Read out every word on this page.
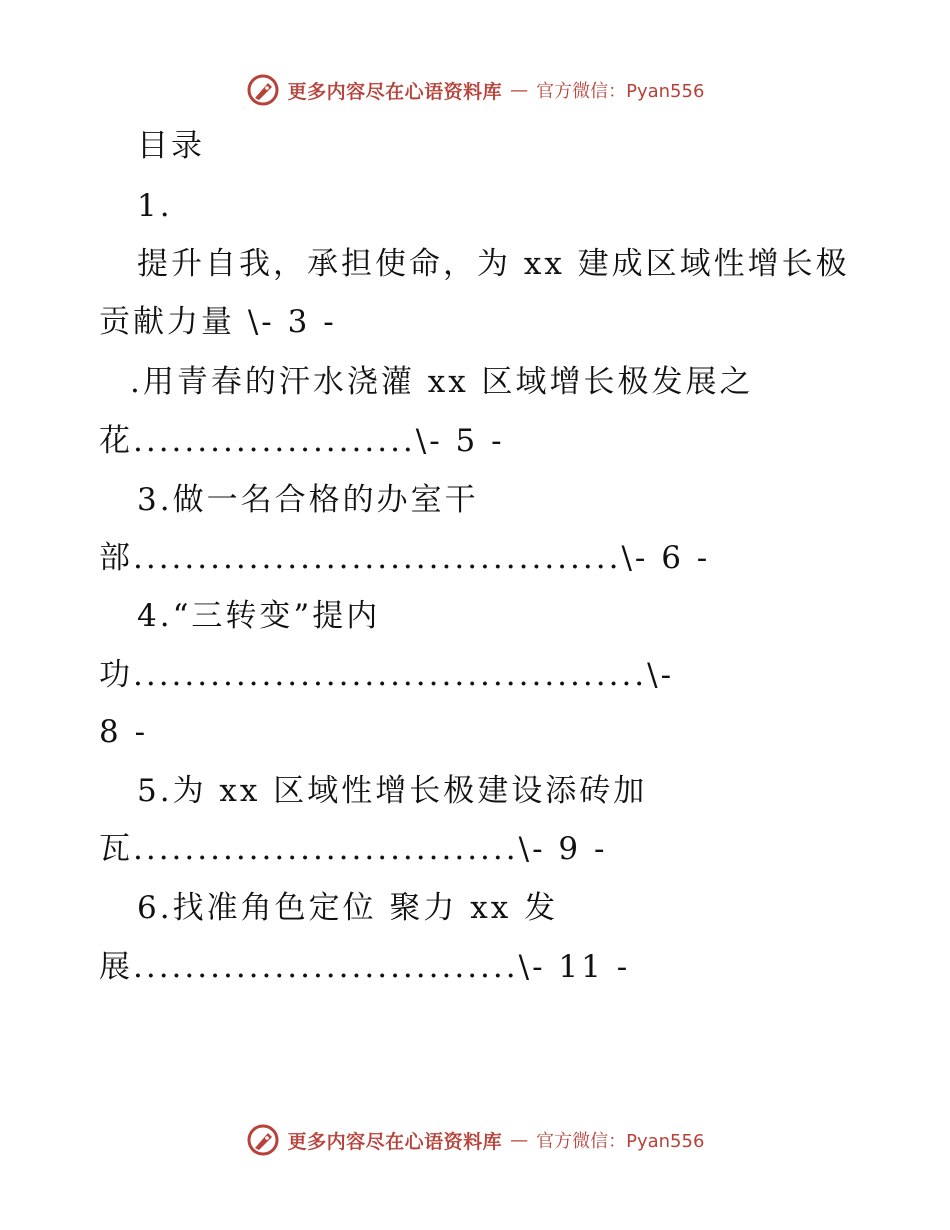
更多内容尽在心语资料库 — 官方微信：Pyan556
目录
1.
提升自我，承担使命，为 xx 建成区域性增长极
贡献力量 \- 3 -
.用青春的汗水浇灌 xx 区域增长极发展之
花......................\- 5 -
3.做一名合格的办室干
部......................................\- 6 -
4.“三转变”提内
功........................................\-
8 -
5.为 xx 区域性增长极建设添砖加
瓦..............................\- 9 -
6.找准角色定位 聚力 xx 发
展..............................\- 11 -
更多内容尽在心语资料库 — 官方微信：Pyan556
